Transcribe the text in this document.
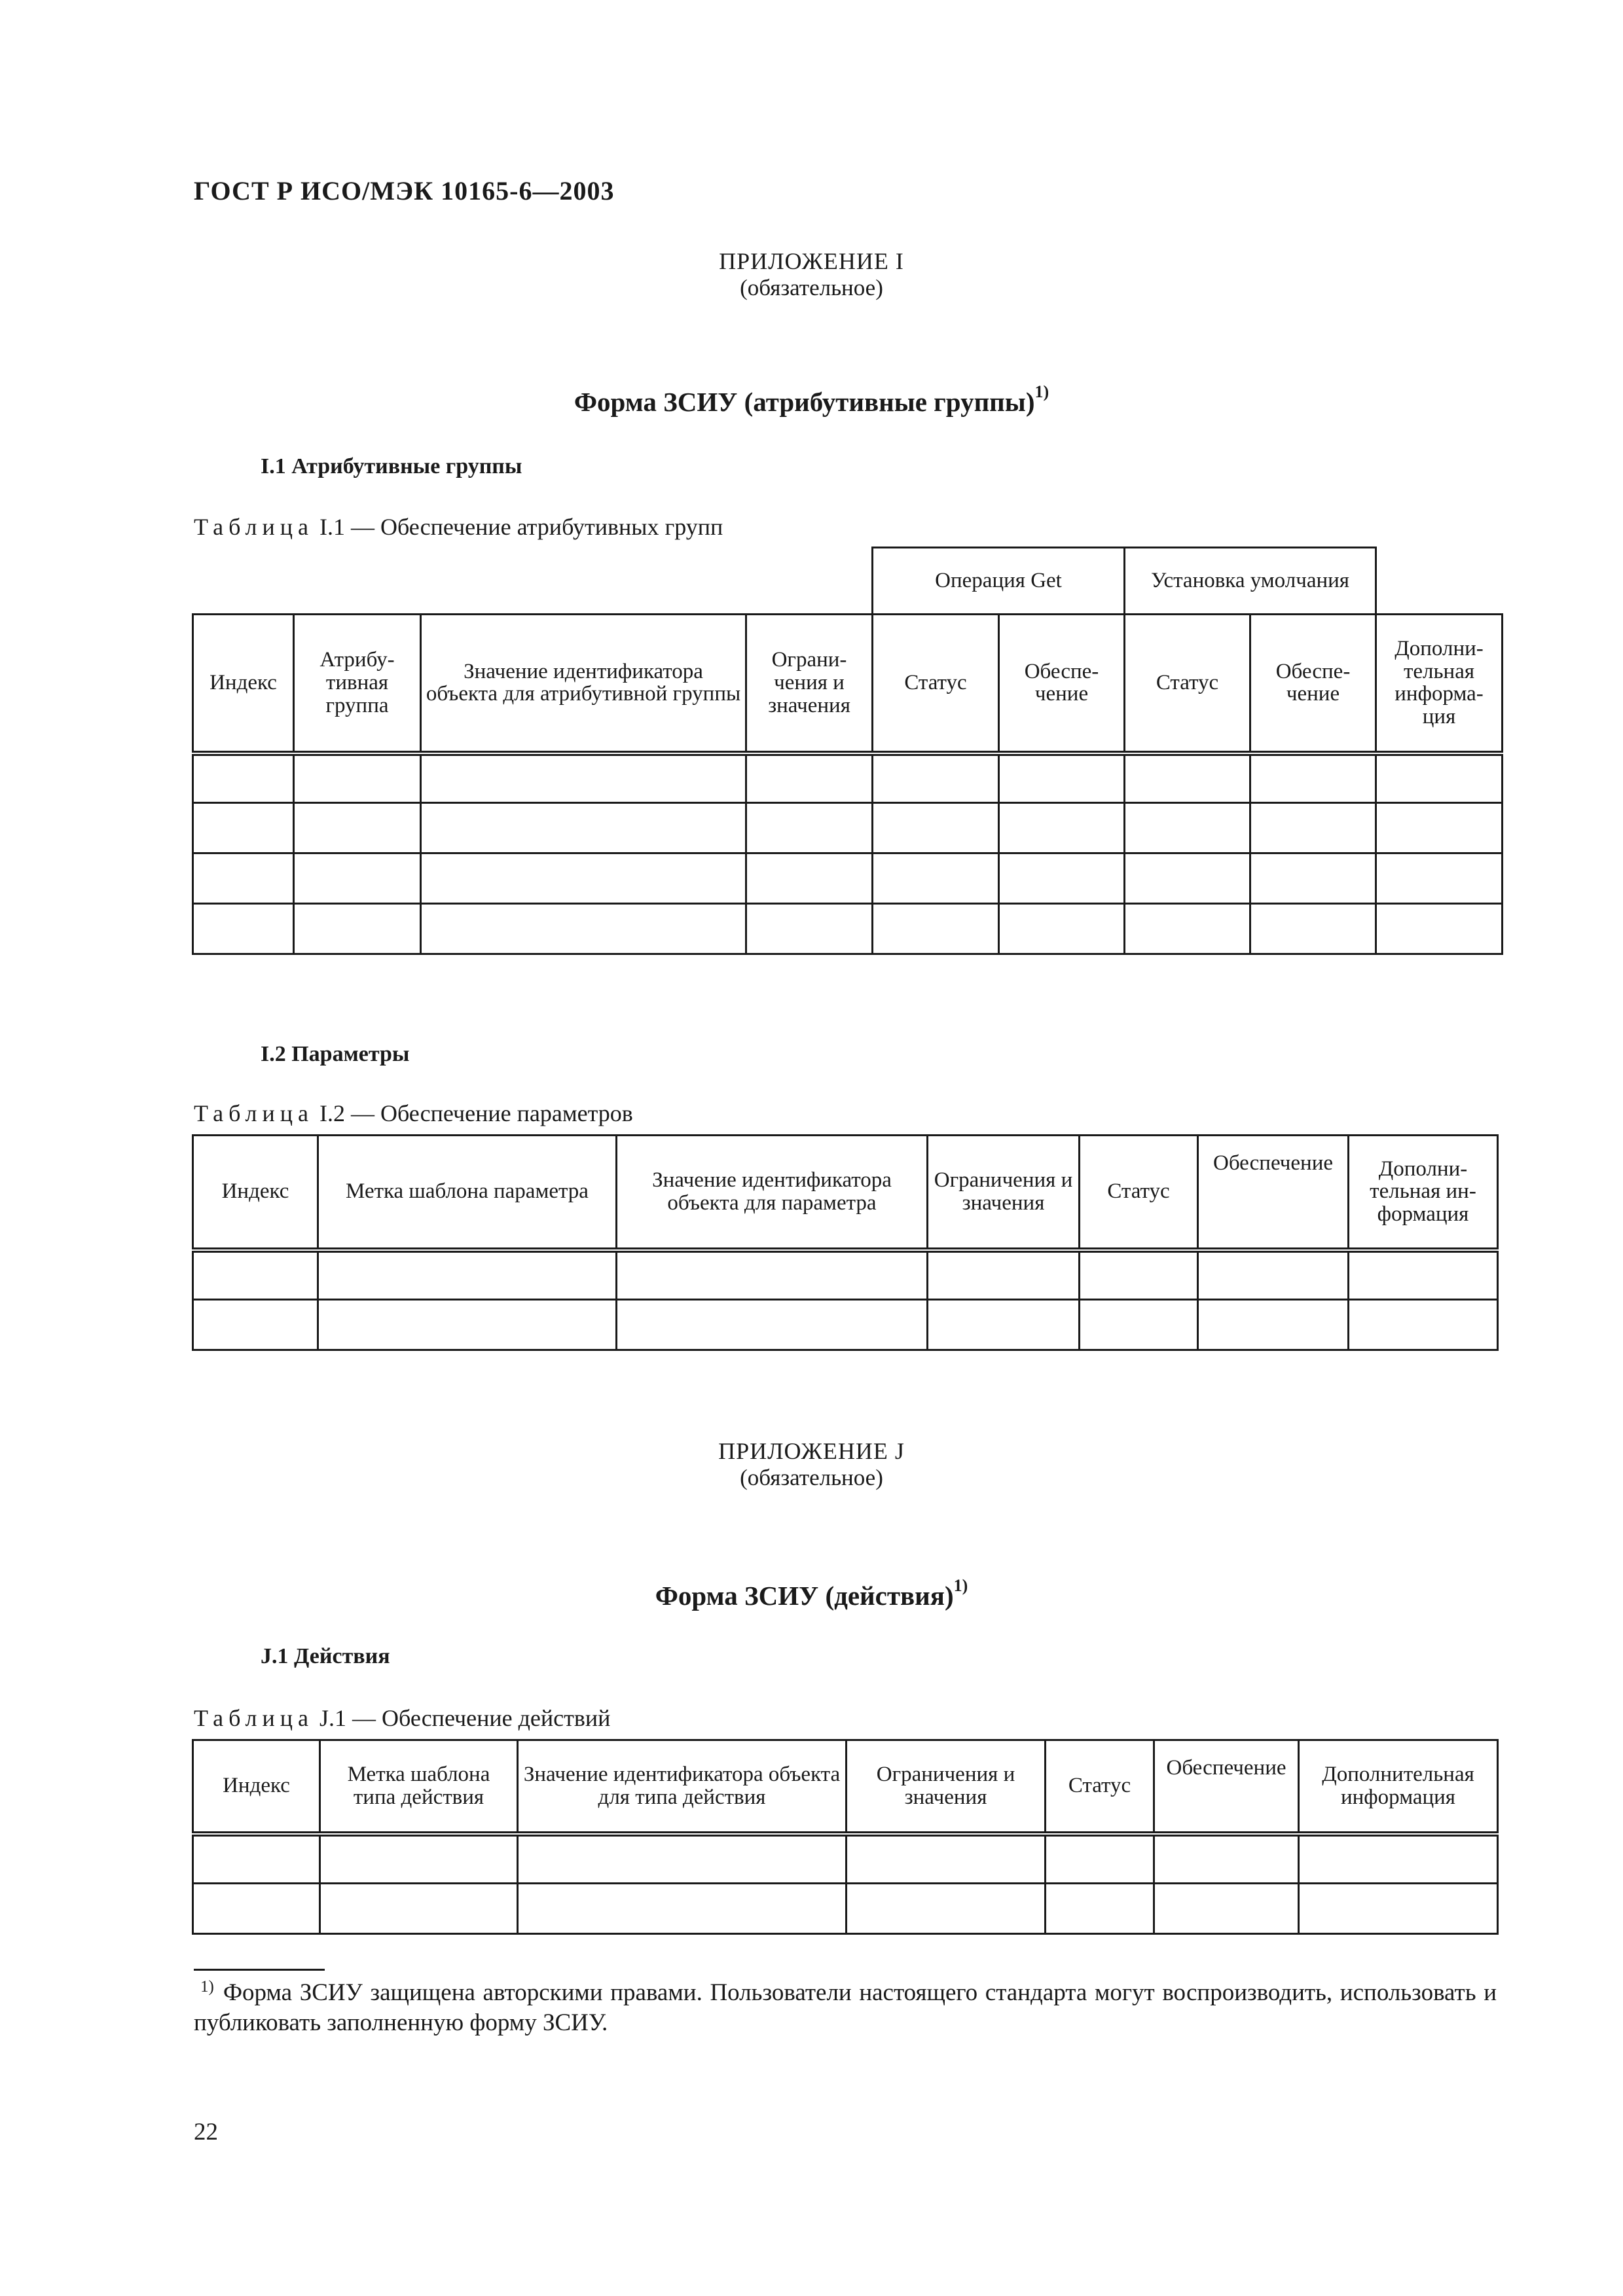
ГОСТ Р ИСО/МЭК 10165-6—2003
ПРИЛОЖЕНИЕ I
(обязательное)
Форма ЗСИУ (атрибутивные группы)$^{1)}$
I.1 Атрибутивные группы
Таблица I.1 — Обеспечение атрибутивных групп
				Операция Get		Установка умолчания		
Индекс	Атрибу-тивная группа	Значение идентификатора объекта для атрибутивной группы	Ограни-чения и значения	Статус	Обеспе-чение	Статус	Обеспе-чение	Дополни-тельная информа-ция

I.2 Параметры
Таблица I.2 — Обеспечение параметров
Индекс	Метка шаблона параметра	Значение идентификатора объекта для параметра	Ограничения и значения	Статус	Обеспечение	Дополни-тельная ин-формация

ПРИЛОЖЕНИЕ J
(обязательное)
Форма ЗСИУ (действия)$^{1)}$
J.1 Действия
Таблица J.1 — Обеспечение действий
Индекс	Метка шаблона типа действия	Значение идентификатора объекта для типа действия	Ограничения и значения	Статус	Обеспечение	Дополнительная информация

$^{1)}$ Форма ЗСИУ защищена авторскими правами. Пользователи настоящего стандарта могут воспроизводить, использовать и публиковать заполненную форму ЗСИУ.
22
